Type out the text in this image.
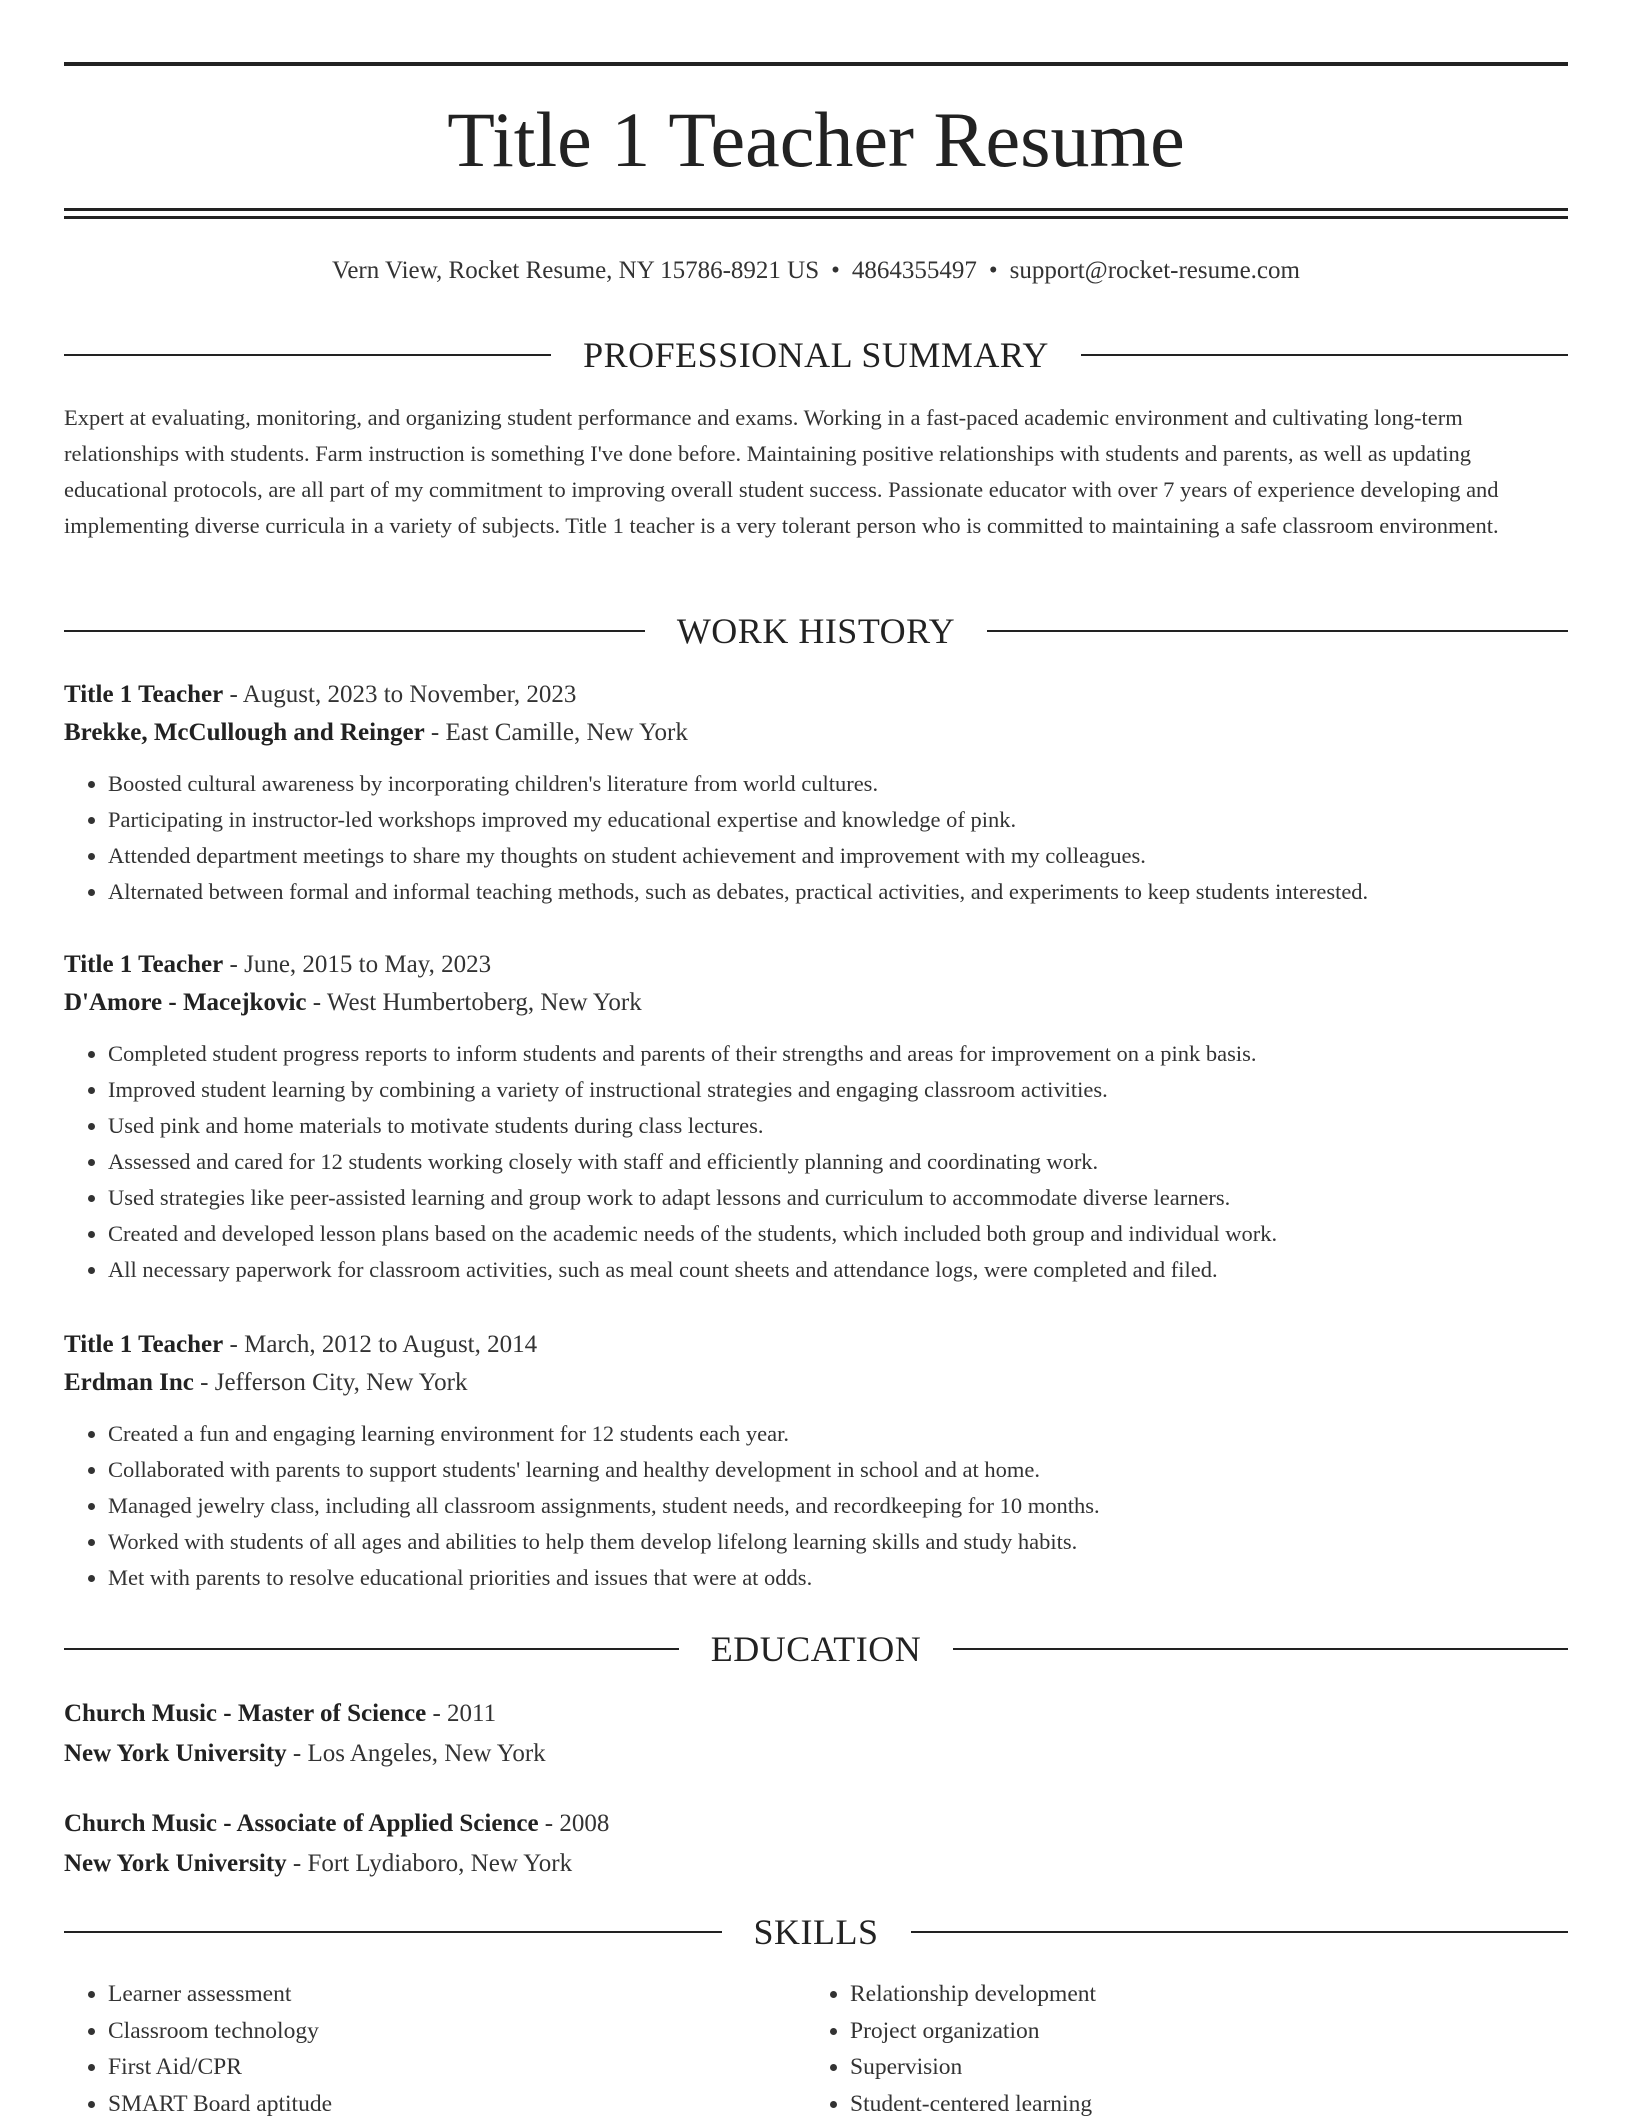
Title 1 Teacher Resume
Vern View, Rocket Resume, NY 15786-8921 US • 4864355497 • support@rocket-resume.com
PROFESSIONAL SUMMARY

Expert at evaluating, monitoring, and organizing student performance and exams. Working in a fast-paced academic environment and cultivating long-term relationships with students. Farm instruction is something I've done before. Maintaining positive relationships with students and parents, as well as updating educational protocols, are all part of my commitment to improving overall student success. Passionate educator with over 7 years of experience developing and implementing diverse curricula in a variety of subjects. Title 1 teacher is a very tolerant person who is committed to maintaining a safe classroom environment.

WORK HISTORY
Title 1 Teacher - August, 2023 to November, 2023
Brekke, McCullough and Reinger - East Camille, New York
• Boosted cultural awareness by incorporating children's literature from world cultures.
• Participating in instructor-led workshops improved my educational expertise and knowledge of pink.
• Attended department meetings to share my thoughts on student achievement and improvement with my colleagues.
• Alternated between formal and informal teaching methods, such as debates, practical activities, and experiments to keep students interested.
Title 1 Teacher - June, 2015 to May, 2023
D'Amore - Macejkovic - West Humbertoberg, New York
• Completed student progress reports to inform students and parents of their strengths and areas for improvement on a pink basis.
• Improved student learning by combining a variety of instructional strategies and engaging classroom activities.
• Used pink and home materials to motivate students during class lectures.
• Assessed and cared for 12 students working closely with staff and efficiently planning and coordinating work.
• Used strategies like peer-assisted learning and group work to adapt lessons and curriculum to accommodate diverse learners.
• Created and developed lesson plans based on the academic needs of the students, which included both group and individual work.
• All necessary paperwork for classroom activities, such as meal count sheets and attendance logs, were completed and filed.
Title 1 Teacher - March, 2012 to August, 2014
Erdman Inc - Jefferson City, New York
• Created a fun and engaging learning environment for 12 students each year.
• Collaborated with parents to support students' learning and healthy development in school and at home.
• Managed jewelry class, including all classroom assignments, student needs, and recordkeeping for 10 months.
• Worked with students of all ages and abilities to help them develop lifelong learning skills and study habits.
• Met with parents to resolve educational priorities and issues that were at odds.
EDUCATION
Church Music - Master of Science - 2011
New York University - Los Angeles, New York
Church Music - Associate of Applied Science - 2008
New York University - Fort Lydiaboro, New York
SKILLS
• Learner assessment
• Classroom technology
• First Aid/CPR
• SMART Board aptitude
• Relationship development
• Project organization
• Supervision
• Student-centered learning
